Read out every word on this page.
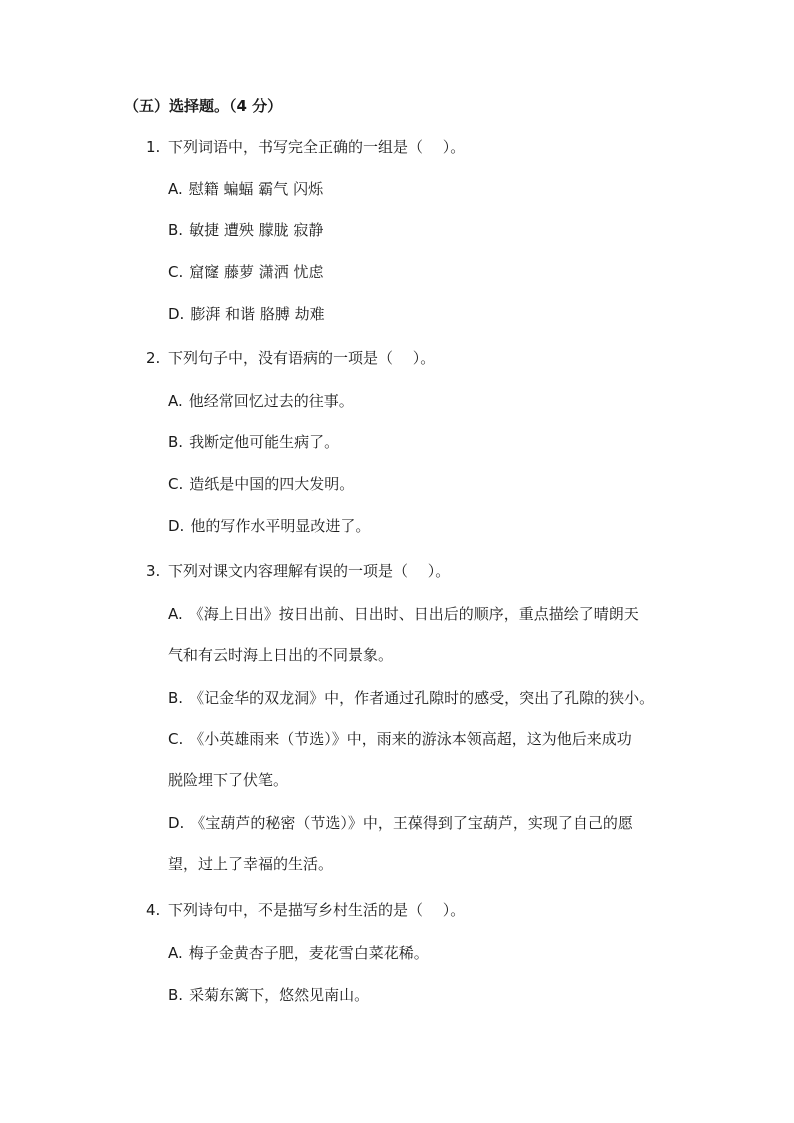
（五）选择题。（4 分）
1. 下列词语中，书写完全正确的一组是（　 ）。
A. 慰籍 蝙蝠 霸气 闪烁
B. 敏捷 遭殃 朦胧 寂静
C. 窟窿 藤萝 潇洒 忧虑
D. 膨湃 和谐 胳膊 劫难
2. 下列句子中，没有语病的一项是（　 ）。
A. 他经常回忆过去的往事。
B. 我断定他可能生病了。
C. 造纸是中国的四大发明。
D. 他的写作水平明显改进了。
3. 下列对课文内容理解有误的一项是（　 ）。
A. 《海上日出》按日出前、日出时、日出后的顺序，重点描绘了晴朗天
气和有云时海上日出的不同景象。
B. 《记金华的双龙洞》中，作者通过孔隙时的感受，突出了孔隙的狭小。
C. 《小英雄雨来（节选）》中，雨来的游泳本领高超，这为他后来成功
脱险埋下了伏笔。
D. 《宝葫芦的秘密（节选）》中，王葆得到了宝葫芦，实现了自己的愿
望，过上了幸福的生活。
4. 下列诗句中，不是描写乡村生活的是（　 ）。
A. 梅子金黄杏子肥，麦花雪白菜花稀。
B. 采菊东篱下，悠然见南山。
